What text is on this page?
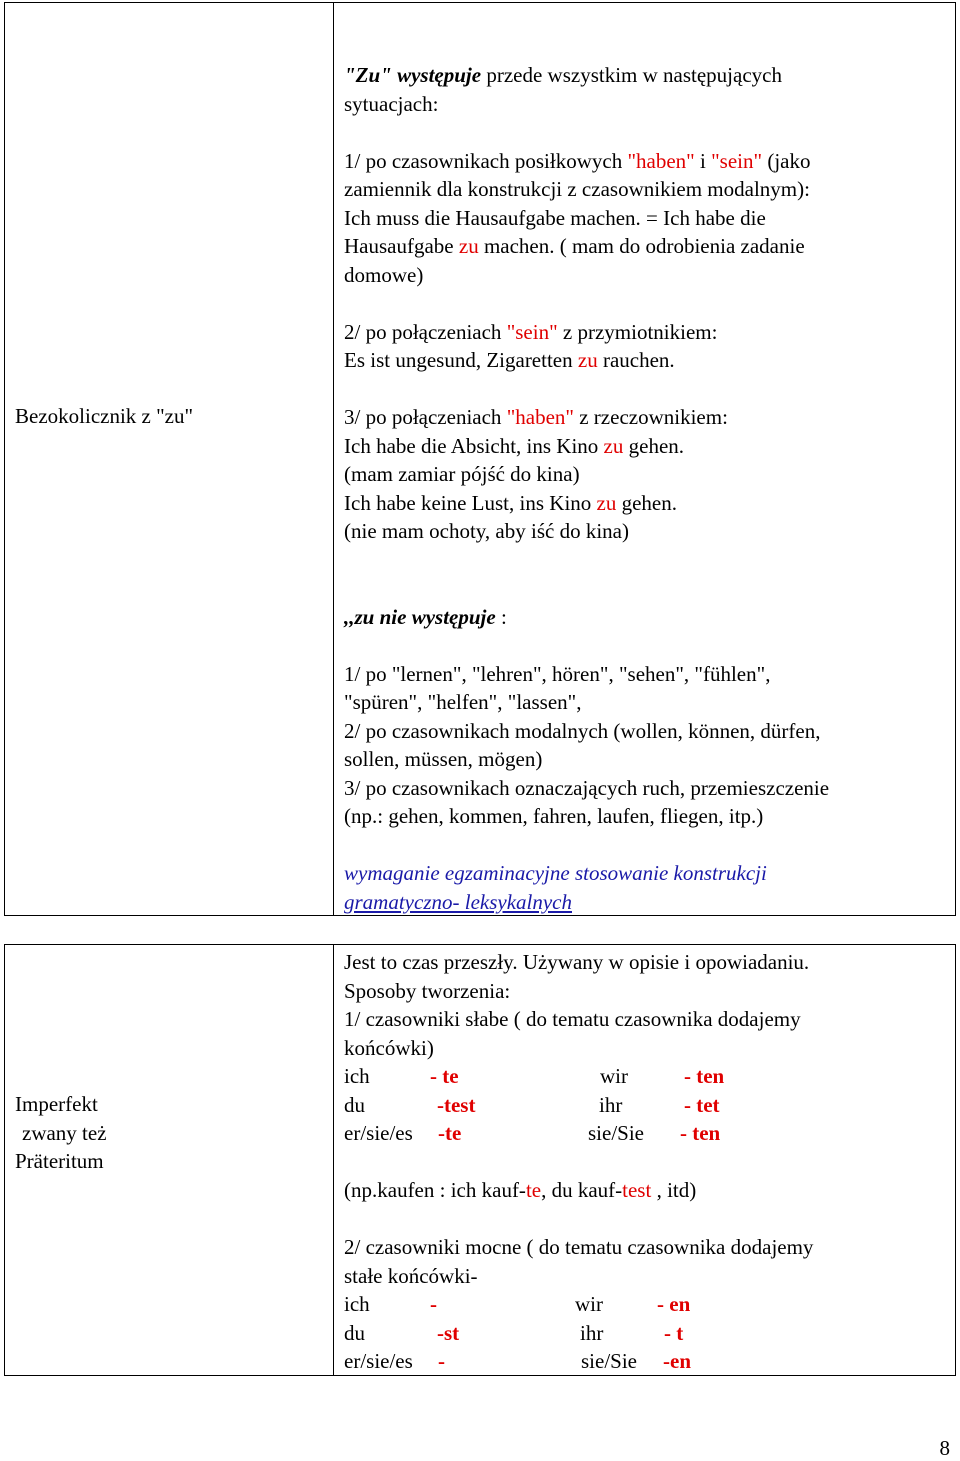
Bezokolicznik z "zu"
"Zu" występuje przede wszystkim w następujących
sytuacjach:
1/ po czasownikach posiłkowych "haben" i "sein" (jako
zamiennik dla konstrukcji z czasownikiem modalnym):
Ich muss die Hausaufgabe machen. = Ich habe die
Hausaufgabe zu machen. ( mam do odrobienia zadanie
domowe)
2/ po połączeniach "sein" z przymiotnikiem:
Es ist ungesund, Zigaretten zu rauchen.
3/ po połączeniach "haben" z rzeczownikiem:
Ich habe die Absicht, ins Kino zu gehen.
(mam zamiar pójść do kina)
Ich habe keine Lust, ins Kino zu gehen.
(nie mam ochoty, aby iść do kina)
,,zu nie występuje :
1/ po "lernen", "lehren", hören", "sehen", "fühlen",
"spüren", "helfen", "lassen",
2/ po czasownikach modalnych (wollen, können, dürfen,
sollen, müssen, mögen)
3/ po czasownikach oznaczających ruch, przemieszczenie
(np.: gehen, kommen, fahren, laufen, fliegen, itp.)
wymaganie egzaminacyjne stosowanie konstrukcji
gramatyczno- leksykalnych
Imperfekt
zwany też
Präteritum
Jest to czas przeszły. Używany w opisie i opowiadaniu.
Sposoby tworzenia:
1/ czasowniki słabe ( do tematu czasownika dodajemy
końcówki)
ich	- te	wir	- ten
du	-test	ihr	- tet
er/sie/es -te	sie/Sie - ten
(np.kaufen : ich kauf-te, du kauf-test , itd)
2/ czasowniki mocne ( do tematu czasownika dodajemy
stałe końcówki-
ich	-	wir	- en
du	-st	ihr	- t
er/sie/es -	sie/Sie -en
8
